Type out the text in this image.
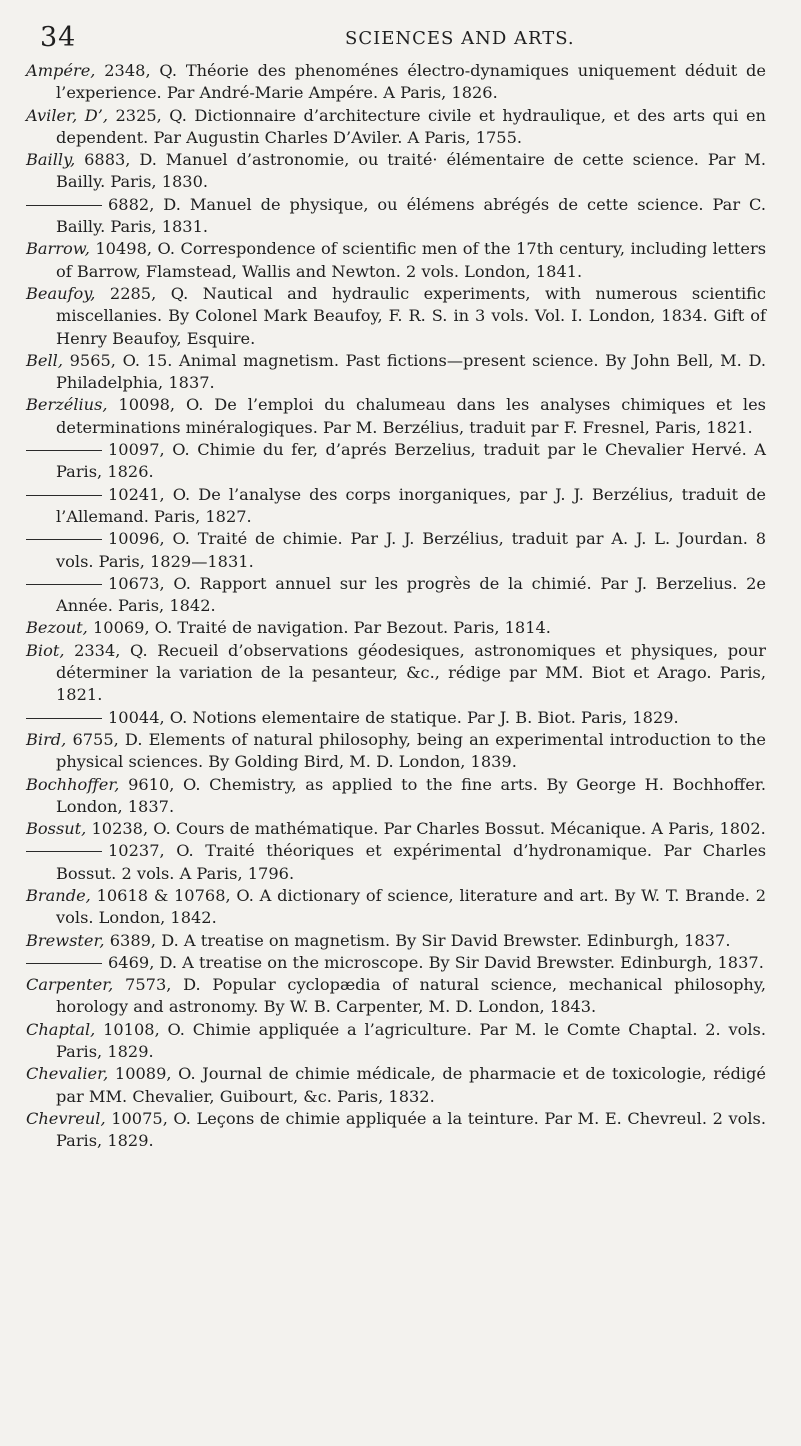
34	SCIENCES AND ARTS.
Ampére, 2348, Q. Théorie des phenoménes électro-dynamiques uniquement déduit de l’experience. Par André-Marie Ampére. A Paris, 1826.
Aviler, D’, 2325, Q. Dictionnaire d’architecture civile et hydraulique, et des arts qui en dependent. Par Augustin Charles D’Aviler. A Paris, 1755.
Bailly, 6883, D. Manuel d’astronomie, ou traité· élémentaire de cette science. Par M. Bailly. Paris, 1830.
6882, D. Manuel de physique, ou élémens abrégés de cette science. Par C. Bailly. Paris, 1831.
Barrow, 10498, O. Correspondence of scientific men of the 17th century, including letters of Barrow, Flamstead, Wallis and Newton. 2 vols. London, 1841.
Beaufoy, 2285, Q. Nautical and hydraulic experiments, with numerous scientific miscellanies. By Colonel Mark Beaufoy, F. R. S. in 3 vols. Vol. I. London, 1834. Gift of Henry Beaufoy, Esquire.
Bell, 9565, O. 15. Animal magnetism. Past fictions—present science. By John Bell, M. D. Philadelphia, 1837.
Berzélius, 10098, O. De l’emploi du chalumeau dans les analyses chimiques et les determinations minéralogiques. Par M. Berzélius, traduit par F. Fresnel, Paris, 1821.
10097, O. Chimie du fer, d’aprés Berzelius, traduit par le Chevalier Hervé. A Paris, 1826.
10241, O. De l’analyse des corps inorganiques, par J. J. Berzélius, traduit de l’Allemand. Paris, 1827.
10096, O. Traité de chimie. Par J. J. Berzélius, traduit par A. J. L. Jourdan. 8 vols. Paris, 1829—1831.
10673, O. Rapport annuel sur les progrès de la chimié. Par J. Berzelius. 2e Année. Paris, 1842.
Bezout, 10069, O. Traité de navigation. Par Bezout. Paris, 1814.
Biot, 2334, Q. Recueil d’observations géodesiques, astronomiques et physiques, pour déterminer la variation de la pesanteur, &c., rédige par MM. Biot et Arago. Paris, 1821.
10044, O. Notions elementaire de statique. Par J. B. Biot. Paris, 1829.
Bird, 6755, D. Elements of natural philosophy, being an experimental introduction to the physical sciences. By Golding Bird, M. D. London, 1839.
Bochhoffer, 9610, O. Chemistry, as applied to the fine arts. By George H. Bochhoffer. London, 1837.
Bossut, 10238, O. Cours de mathématique. Par Charles Bossut. Mécanique. A Paris, 1802.
10237, O. Traité théoriques et expérimental d’hydronamique. Par Charles Bossut. 2 vols. A Paris, 1796.
Brande, 10618 & 10768, O. A dictionary of science, literature and art. By W. T. Brande. 2 vols. London, 1842.
Brewster, 6389, D. A treatise on magnetism. By Sir David Brewster. Edinburgh, 1837.
6469, D. A treatise on the microscope. By Sir David Brewster. Edinburgh, 1837.
Carpenter, 7573, D. Popular cyclopædia of natural science, mechanical philosophy, horology and astronomy. By W. B. Carpenter, M. D. London, 1843.
Chaptal, 10108, O. Chimie appliquée a l’agriculture. Par M. le Comte Chaptal. 2. vols. Paris, 1829.
Chevalier, 10089, O. Journal de chimie médicale, de pharmacie et de toxicologie, rédigé par MM. Chevalier, Guibourt, &c. Paris, 1832.
Chevreul, 10075, O. Leçons de chimie appliquée a la teinture. Par M. E. Chevreul. 2 vols. Paris, 1829.
